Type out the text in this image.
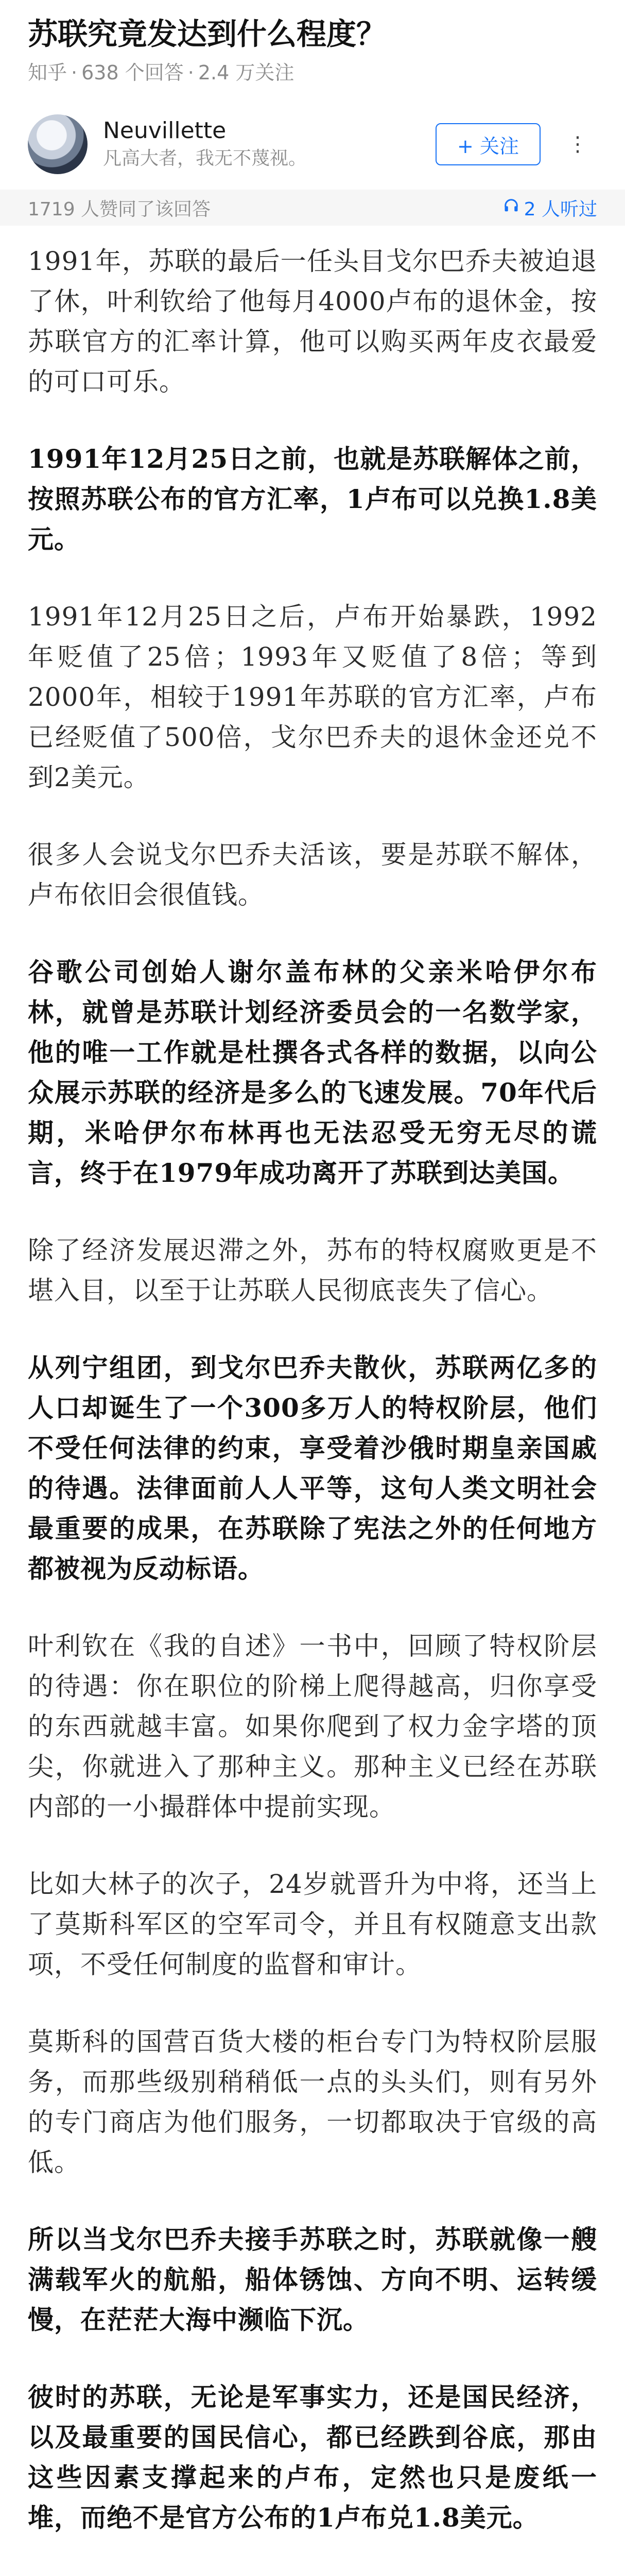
苏联究竟发达到什么程度？
知乎 · 638 个回答 · 2.4 万关注
Neuvillette
凡高大者，我无不蔑视。
+ 关注	⋮
1719 人赞同了该回答	2 人听过

1991年，苏联的最后一任头目戈尔巴乔夫被迫退了休，叶利钦给了他每月4000卢布的退休金，按苏联官方的汇率计算，他可以购买两年皮衣最爱的可口可乐。

1991年12月25日之前，也就是苏联解体之前，按照苏联公布的官方汇率，1卢布可以兑换1.8美元。

1991年12月25日之后，卢布开始暴跌，1992年贬值了25倍；1993年又贬值了8倍；等到2000年，相较于1991年苏联的官方汇率，卢布已经贬值了500倍，戈尔巴乔夫的退休金还兑不到2美元。

很多人会说戈尔巴乔夫活该，要是苏联不解体，卢布依旧会很值钱。

谷歌公司创始人谢尔盖布林的父亲米哈伊尔布林，就曾是苏联计划经济委员会的一名数学家，他的唯一工作就是杜撰各式各样的数据，以向公众展示苏联的经济是多么的飞速发展。70年代后期，米哈伊尔布林再也无法忍受无穷无尽的谎言，终于在1979年成功离开了苏联到达美国。

除了经济发展迟滞之外，苏布的特权腐败更是不堪入目，以至于让苏联人民彻底丧失了信心。

从列宁组团，到戈尔巴乔夫散伙，苏联两亿多的人口却诞生了一个300多万人的特权阶层，他们不受任何法律的约束，享受着沙俄时期皇亲国戚的待遇。法律面前人人平等，这句人类文明社会最重要的成果，在苏联除了宪法之外的任何地方都被视为反动标语。

叶利钦在《我的自述》一书中，回顾了特权阶层的待遇：你在职位的阶梯上爬得越高，归你享受的东西就越丰富。如果你爬到了权力金字塔的顶尖，你就进入了那种主义。那种主义已经在苏联内部的一小撮群体中提前实现。

比如大林子的次子，24岁就晋升为中将，还当上了莫斯科军区的空军司令，并且有权随意支出款项，不受任何制度的监督和审计。

莫斯科的国营百货大楼的柜台专门为特权阶层服务，而那些级别稍稍低一点的头头们，则有另外的专门商店为他们服务，一切都取决于官级的高低。

所以当戈尔巴乔夫接手苏联之时，苏联就像一艘满载军火的航船，船体锈蚀、方向不明、运转缓慢，在茫茫大海中濒临下沉。

彼时的苏联，无论是军事实力，还是国民经济，以及最重要的国民信心，都已经跌到谷底，那由这些因素支撑起来的卢布，定然也只是废纸一堆，而绝不是官方公布的1卢布兑1.8美元。
